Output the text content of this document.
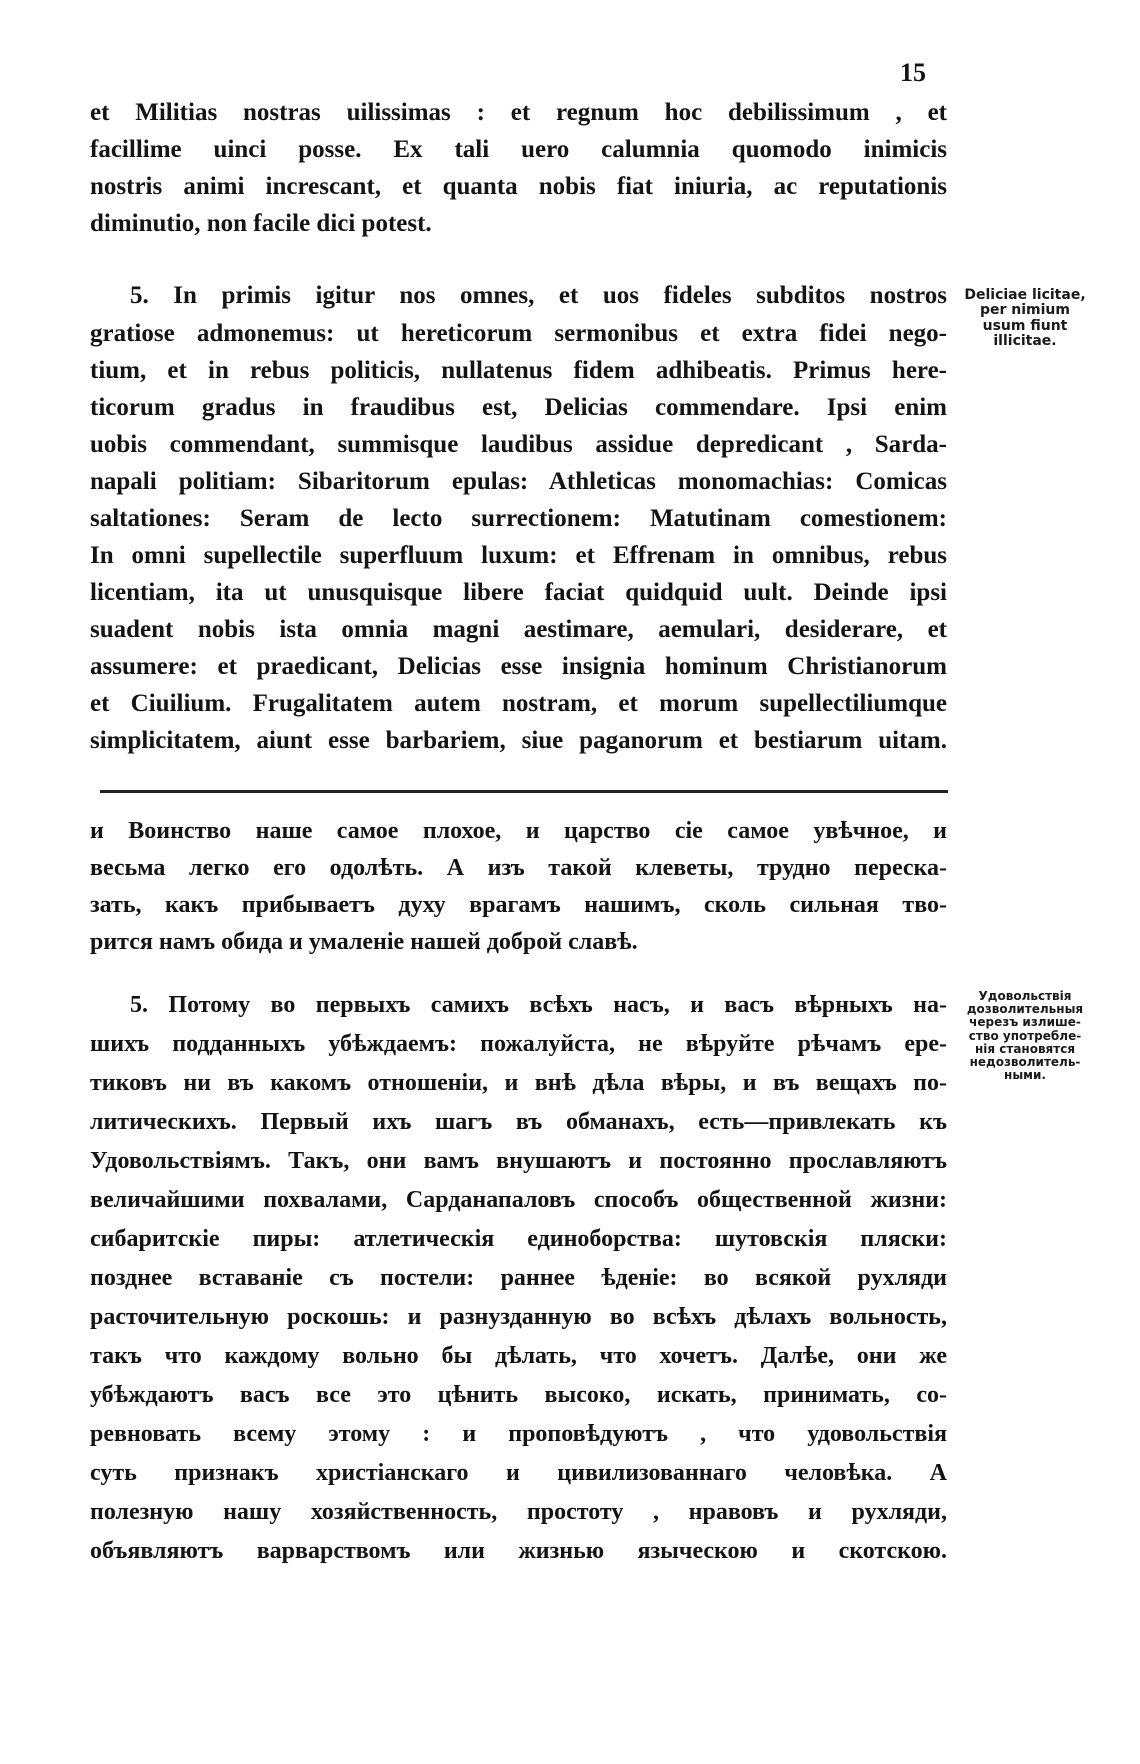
15
et Militias nostras uilissimas : et regnum hoc debilissimum , et
facillime uinci posse. Ex tali uero calumnia quomodo inimicis
nostris animi increscant, et quanta nobis fiat iniuria, ac reputationis
diminutio, non facile dici potest.
5. In primis igitur nos omnes, et uos fideles subditos nostros
gratiose admonemus: ut hereticorum sermonibus et extra fidei nego-
tium, et in rebus politicis, nullatenus fidem adhibeatis. Primus here-
ticorum gradus in fraudibus est, Delicias commendare. Ipsi enim
uobis commendant, summisque laudibus assidue depredicant , Sarda-
napali politiam: Sibaritorum epulas: Athleticas monomachias: Comicas
saltationes: Seram de lecto surrectionem: Matutinam comestionem:
In omni supellectile superfluum luxum: et Effrenam in omnibus, rebus
licentiam, ita ut unusquisque libere faciat quidquid uult. Deinde ipsi
suadent nobis ista omnia magni aestimare, aemulari, desiderare, et
assumere: et praedicant, Delicias esse insignia hominum Christianorum
et Ciuilium. Frugalitatem autem nostram, et morum supellectiliumque
simplicitatem, aiunt esse barbariem, siue paganorum et bestiarum uitam.
Deliciae licitae,
per nimium
usum fiunt
illicitae.
и Воинство наше самое плохое, и царство сіе самое увѣчное, и
весьма легко его одолѣть. А изъ такой клеветы, трудно переска-
зать, какъ прибываетъ духу врагамъ нашимъ, сколь сильная тво-
рится намъ обида и умаленіе нашей доброй славѣ.
5. Потому во первыхъ самихъ всѣхъ насъ, и васъ вѣрныхъ на-
шихъ подданныхъ убѣждаемъ: пожалуйста, не вѣруйте рѣчамъ ере-
тиковъ ни въ какомъ отношеніи, и внѣ дѣла вѣры, и въ вещахъ по-
литическихъ. Первый ихъ шагъ въ обманахъ, есть—привлекать къ
Удовольствіямъ. Такъ, они вамъ внушаютъ и постоянно прославляютъ
величайшими похвалами, Сарданапаловъ способъ общественной жизни:
сибаритскіе пиры: атлетическія единоборства: шутовскія пляски:
позднее вставаніе съ постели: раннее ѣденіе: во всякой рухляди
расточительную роскошь: и разнузданную во всѣхъ дѣлахъ вольность,
такъ что каждому вольно бы дѣлать, что хочетъ. Далѣе, они же
убѣждаютъ васъ все это цѣнить высоко, искать, принимать, со-
ревновать всему этому : и проповѣдуютъ , что удовольствія
суть признакъ христіанскаго и цивилизованнаго человѣка. А
полезную нашу хозяйственность, простоту , нравовъ и рухляди,
объявляютъ варварствомъ или жизнью языческою и скотскою.
Удовольствія
дозволительныя
черезъ излише-
ство употребле-
нія становятся
недозволитель-
ными.
